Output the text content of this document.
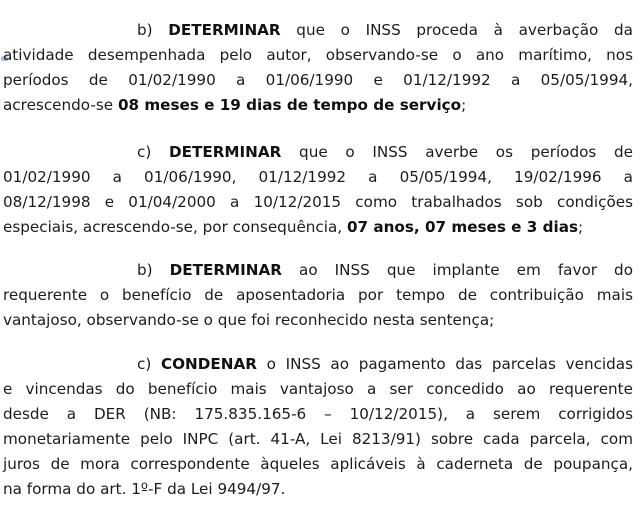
b) DETERMINAR que o INSS proceda à averbação da
atividade desempenhada pelo autor, observando-se o ano marítimo, nos
períodos de 01/02/1990 a 01/06/1990 e 01/12/1992 a 05/05/1994,
acrescendo-se 08 meses e 19 dias de tempo de serviço;
c) DETERMINAR que o INSS averbe os períodos de
01/02/1990 a 01/06/1990, 01/12/1992 a 05/05/1994, 19/02/1996 a
08/12/1998 e 01/04/2000 a 10/12/2015 como trabalhados sob condições
especiais, acrescendo-se, por consequência, 07 anos, 07 meses e 3 dias;
b) DETERMINAR ao INSS que implante em favor do
requerente o benefício de aposentadoria por tempo de contribuição mais
vantajoso, observando-se o que foi reconhecido nesta sentença;
c) CONDENAR o INSS ao pagamento das parcelas vencidas
e vincendas do benefício mais vantajoso a ser concedido ao requerente
desde a DER (NB: 175.835.165-6 – 10/12/2015), a serem corrigidos
monetariamente pelo INPC (art. 41-A, Lei 8213/91) sobre cada parcela, com
juros de mora correspondente àqueles aplicáveis à caderneta de poupança,
na forma do art. 1º-F da Lei 9494/97.
